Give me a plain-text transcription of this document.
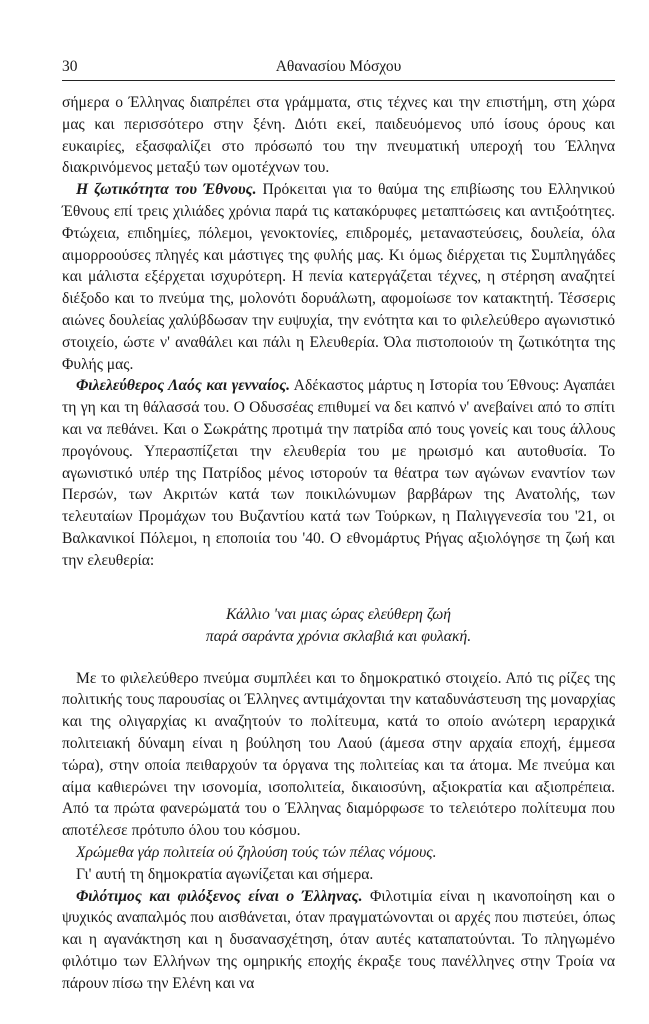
30	Αθανασίου Μόσχου

σήμερα ο Έλληνας διαπρέπει στα γράμματα, στις τέχνες και την επιστήμη, στη χώρα μας και περισσότερο στην ξένη. Διότι εκεί, παιδευόμενος υπό ίσους όρους και ευκαιρίες, εξασφαλίζει στο πρόσωπό του την πνευματική υπεροχή του Έλληνα διακρινόμενος μεταξύ των ομοτέχνων του.

Η ζωτικότητα του Έθνους. Πρόκειται για το θαύμα της επιβίωσης του Ελληνικού Έθνους επί τρεις χιλιάδες χρόνια παρά τις κατακόρυφες μεταπτώσεις και αντιξοότητες. Φτώχεια, επιδημίες, πόλεμοι, γενοκτονίες, επιδρομές, μεταναστεύσεις, δουλεία, όλα αιμορροούσες πληγές και μάστιγες της φυλής μας. Κι όμως διέρχεται τις Συμπληγάδες και μάλιστα εξέρχεται ισχυρότερη. Η πενία κατεργάζεται τέχνες, η στέρηση αναζητεί διέξοδο και το πνεύμα της, μολονότι δορυάλωτη, αφομοίωσε τον κατακτητή. Τέσσερις αιώνες δουλείας χαλύβδωσαν την ευψυχία, την ενότητα και το φιλελεύθερο αγωνιστικό στοιχείο, ώστε ν' αναθάλει και πάλι η Ελευθερία. Όλα πιστοποιούν τη ζωτικότητα της Φυλής μας.

Φιλελεύθερος Λαός και γενναίος. Αδέκαστος μάρτυς η Ιστορία του Έθνους: Αγαπάει τη γη και τη θάλασσά του. Ο Οδυσσέας επιθυμεί να δει καπνό ν' ανεβαίνει από το σπίτι και να πεθάνει. Και ο Σωκράτης προτιμά την πατρίδα από τους γονείς και τους άλλους προγόνους. Υπερασπίζεται την ελευθερία του με ηρωισμό και αυτοθυσία. Το αγωνιστικό υπέρ της Πατρίδος μένος ιστορούν τα θέατρα των αγώνων εναντίον των Περσών, των Ακριτών κατά των ποικιλώνυμων βαρβάρων της Ανατολής, των τελευταίων Προμάχων του Βυζαντίου κατά των Τούρκων, η Παλιγγενεσία του '21, οι Βαλκανικοί Πόλεμοι, η εποποιία του '40. Ο εθνομάρτυς Ρήγας αξιολόγησε τη ζωή και την ελευθερία:

Κάλλιο 'ναι μιας ώρας ελεύθερη ζωή
παρά σαράντα χρόνια σκλαβιά και φυλακή.

Με το φιλελεύθερο πνεύμα συμπλέει και το δημοκρατικό στοιχείο. Από τις ρίζες της πολιτικής τους παρουσίας οι Έλληνες αντιμάχονται την καταδυνάστευση της μοναρχίας και της ολιγαρχίας κι αναζητούν το πολίτευμα, κατά το οποίο ανώτερη ιεραρχικά πολιτειακή δύναμη είναι η βούληση του Λαού (άμεσα στην αρχαία εποχή, έμμεσα τώρα), στην οποία πειθαρχούν τα όργανα της πολιτείας και τα άτομα. Με πνεύμα και αίμα καθιερώνει την ισονομία, ισοπολιτεία, δικαιοσύνη, αξιοκρατία και αξιοπρέπεια. Από τα πρώτα φανερώματά του ο Έλληνας διαμόρφωσε το τελειότερο πολίτευμα που αποτέλεσε πρότυπο όλου του κόσμου.

Χρώμεθα γάρ πολιτεία ού ζηλούση τούς τών πέλας νόμους.

Γι' αυτή τη δημοκρατία αγωνίζεται και σήμερα.

Φιλότιμος και φιλόξενος είναι ο Έλληνας. Φιλοτιμία είναι η ικανοποίηση και ο ψυχικός αναπαλμός που αισθάνεται, όταν πραγματώνονται οι αρχές που πιστεύει, όπως και η αγανάκτηση και η δυσανασχέτηση, όταν αυτές καταπατούνται. Το πληγωμένο φιλότιμο των Ελλήνων της ομηρικής εποχής έκραξε τους πανέλληνες στην Τροία να πάρουν πίσω την Ελένη και να
